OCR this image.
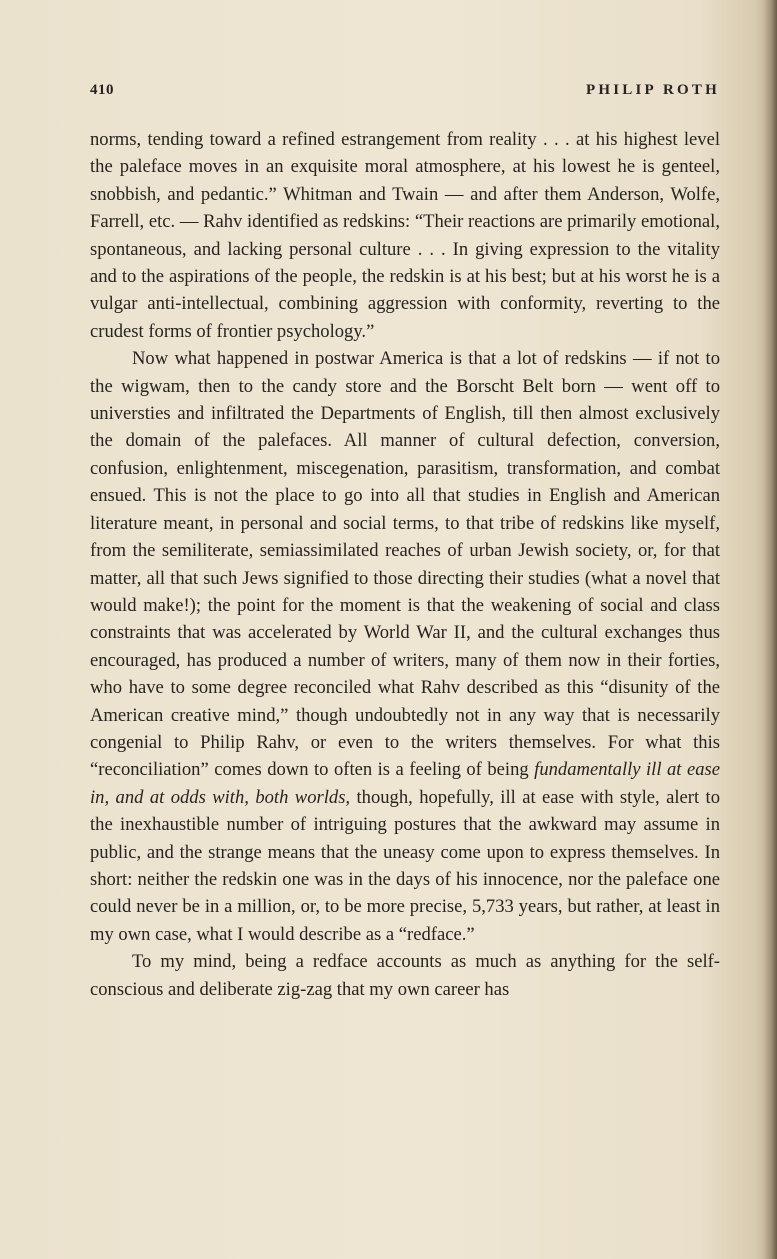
410	PHILIP ROTH

norms, tending toward a refined estrangement from reality . . . at his highest level the paleface moves in an exquisite moral atmosphere, at his lowest he is genteel, snobbish, and pedantic.” Whitman and Twain — and after them Anderson, Wolfe, Farrell, etc. — Rahv identified as redskins: “Their reactions are primarily emotional, spontaneous, and lacking personal culture . . . In giving expression to the vitality and to the aspirations of the people, the redskin is at his best; but at his worst he is a vulgar anti-intellectual, combining aggression with conformity, reverting to the crudest forms of frontier psychology.”

Now what happened in postwar America is that a lot of redskins — if not to the wigwam, then to the candy store and the Borscht Belt born — went off to universties and infiltrated the Departments of English, till then almost exclusively the domain of the palefaces. All manner of cultural defection, conversion, confusion, enlightenment, miscegenation, parasitism, transformation, and combat ensued. This is not the place to go into all that studies in English and American literature meant, in personal and social terms, to that tribe of redskins like myself, from the semiliterate, semiassimilated reaches of urban Jewish society, or, for that matter, all that such Jews signified to those directing their studies (what a novel that would make!); the point for the moment is that the weakening of social and class constraints that was accelerated by World War II, and the cultural exchanges thus encouraged, has produced a number of writers, many of them now in their forties, who have to some degree reconciled what Rahv described as this “disunity of the American creative mind,” though undoubtedly not in any way that is necessarily congenial to Philip Rahv, or even to the writers themselves. For what this “reconciliation” comes down to often is a feeling of being fundamentally ill at ease in, and at odds with, both worlds, though, hopefully, ill at ease with style, alert to the inexhaustible number of intriguing postures that the awkward may assume in public, and the strange means that the uneasy come upon to express themselves. In short: neither the redskin one was in the days of his innocence, nor the paleface one could never be in a million, or, to be more precise, 5,733 years, but rather, at least in my own case, what I would describe as a “redface.”

To my mind, being a redface accounts as much as anything for the self-conscious and deliberate zig-zag that my own career has
